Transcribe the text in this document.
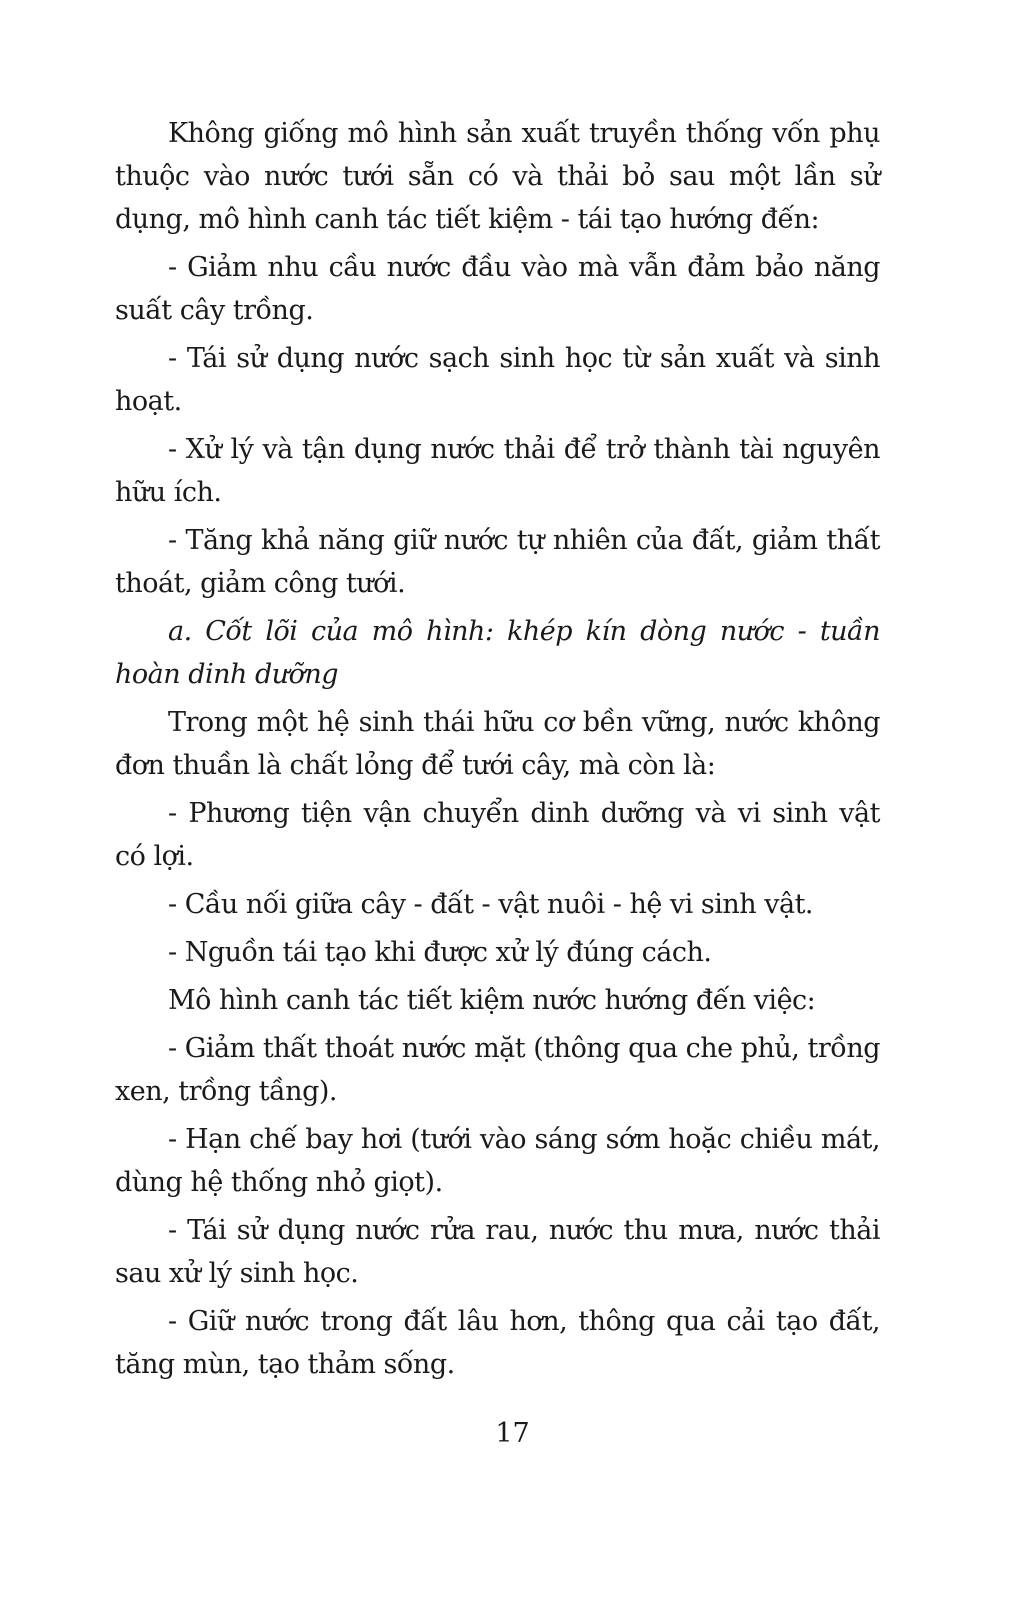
Không giống mô hình sản xuất truyền thống vốn phụ thuộc vào nước tưới sẵn có và thải bỏ sau một lần sử dụng, mô hình canh tác tiết kiệm - tái tạo hướng đến:

- Giảm nhu cầu nước đầu vào mà vẫn đảm bảo năng suất cây trồng.

- Tái sử dụng nước sạch sinh học từ sản xuất và sinh hoạt.

- Xử lý và tận dụng nước thải để trở thành tài nguyên hữu ích.

- Tăng khả năng giữ nước tự nhiên của đất, giảm thất thoát, giảm công tưới.

a. Cốt lõi của mô hình: khép kín dòng nước - tuần hoàn dinh dưỡng

Trong một hệ sinh thái hữu cơ bền vững, nước không đơn thuần là chất lỏng để tưới cây, mà còn là:

- Phương tiện vận chuyển dinh dưỡng và vi sinh vật có lợi.

- Cầu nối giữa cây - đất - vật nuôi - hệ vi sinh vật.

- Nguồn tái tạo khi được xử lý đúng cách.

Mô hình canh tác tiết kiệm nước hướng đến việc:

- Giảm thất thoát nước mặt (thông qua che phủ, trồng xen, trồng tầng).

- Hạn chế bay hơi (tưới vào sáng sớm hoặc chiều mát, dùng hệ thống nhỏ giọt).

- Tái sử dụng nước rửa rau, nước thu mưa, nước thải sau xử lý sinh học.

- Giữ nước trong đất lâu hơn, thông qua cải tạo đất, tăng mùn, tạo thảm sống.

17
